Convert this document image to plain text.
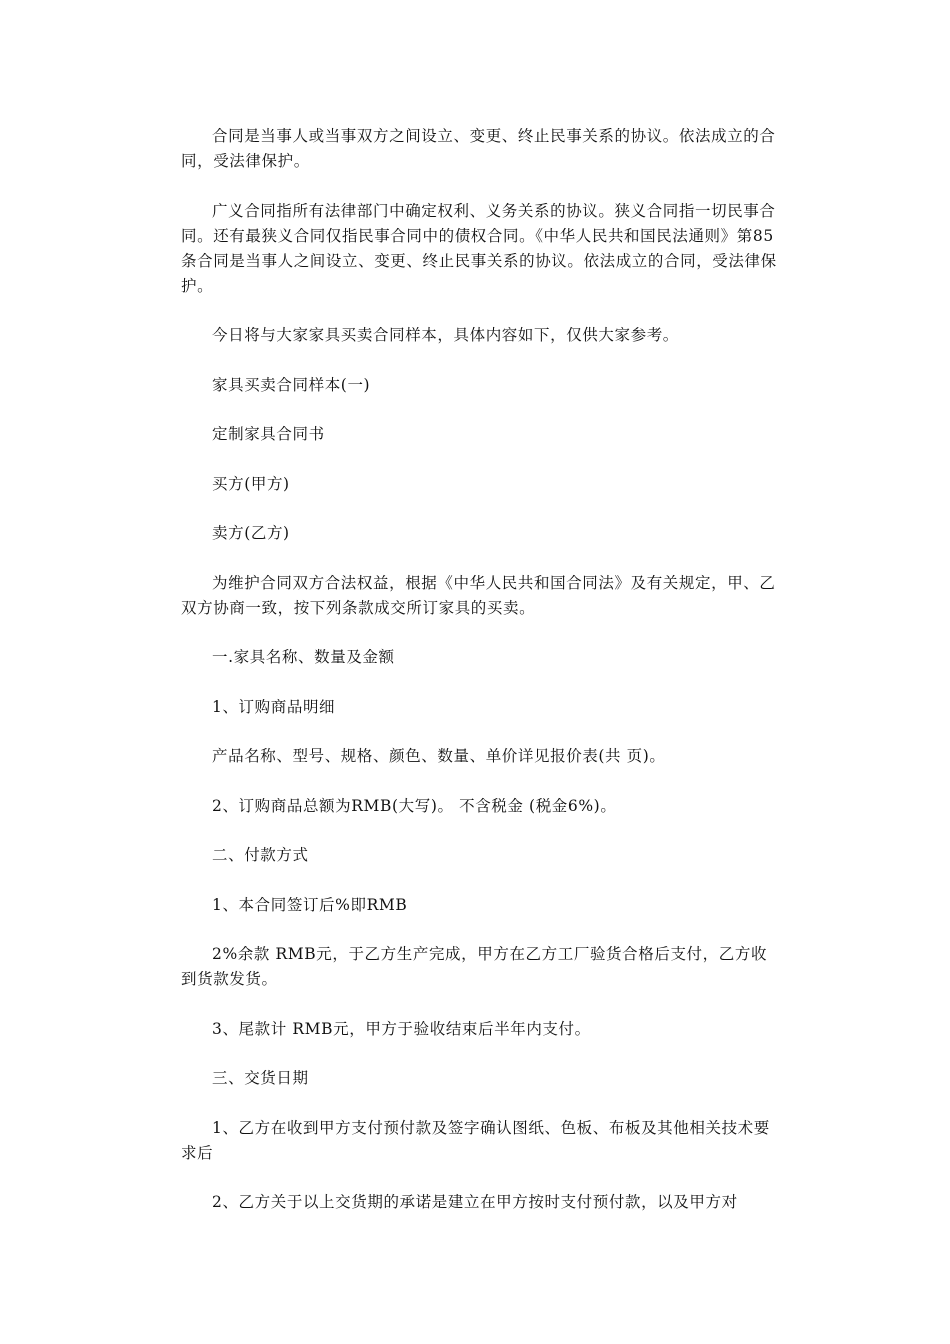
合同是当事人或当事双方之间设立、变更、终止民事关系的协议。依法成立的合同，受法律保护。

广义合同指所有法律部门中确定权利、义务关系的协议。狭义合同指一切民事合同。还有最狭义合同仅指民事合同中的债权合同。《中华人民共和国民法通则》第85条合同是当事人之间设立、变更、终止民事关系的协议。依法成立的合同，受法律保护。

今日将与大家家具买卖合同样本，具体内容如下，仅供大家参考。

家具买卖合同样本(一)

定制家具合同书

买方(甲方)

卖方(乙方)

为维护合同双方合法权益，根据《中华人民共和国合同法》及有关规定，甲、乙双方协商一致，按下列条款成交所订家具的买卖。

一.家具名称、数量及金额

1、订购商品明细

产品名称、型号、规格、颜色、数量、单价详见报价表(共 页)。

2、订购商品总额为RMB(大写)。 不含税金 (税金6%)。

二、付款方式

1、本合同签订后%即RMB

2%余款 RMB元，于乙方生产完成，甲方在乙方工厂验货合格后支付，乙方收到货款发货。

3、尾款计 RMB元，甲方于验收结束后半年内支付。

三、交货日期

1、乙方在收到甲方支付预付款及签字确认图纸、色板、布板及其他相关技术要求后

2、乙方关于以上交货期的承诺是建立在甲方按时支付预付款，以及甲方对
